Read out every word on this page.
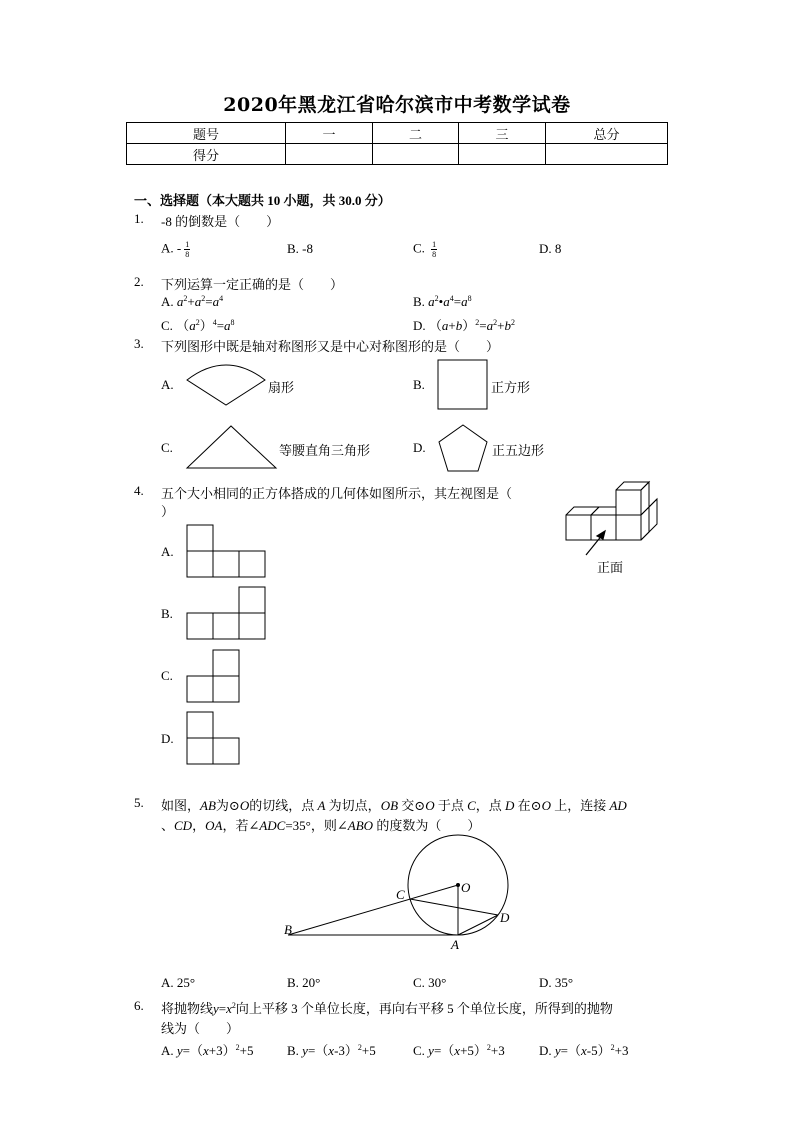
2020年黑龙江省哈尔滨市中考数学试卷
题号	一	二	三	总分
得分				
一、选择题（本大题共 10 小题，共 30.0 分）
1. -8 的倒数是（　　）
A. - $\frac{1}{8}$	B. -8	C. $\frac{1}{8}$	D. 8
2. 下列运算一定正确的是（　　）
A. $a^2+a^2=a^4$	B. $a^2•a^4=a^8$
C. $(a^2)^4=a^8$	D. $(a+b)^2=a^2+b^2$
3. 下列图形中既是轴对称图形又是中心对称图形的是（　　）
A.	扇形	B.	正方形
C.	等腰直角三角形	D.	正五边形
4. 五个大小相同的正方体搭成的几何体如图所示，其左视图是（
）
正面
A.
B.
C.
D.
5. 如图，AB为⊙O的切线，点 A 为切点，OB 交⊙O 于点 C，点 D 在⊙O 上，连接 AD
、CD，OA，若∠ADC=35°，则∠ABO 的度数为（　　）
B
C	O
D
A
A. 25°	B. 20°	C. 30°	D. 35°
6. 将抛物线$y=x^2$向上平移 3 个单位长度，再向右平移 5 个单位长度，所得到的抛物
线为（　　）
A. $y=(x+3)^2+5$	B. $y=(x-3)^2+5$	C. $y=(x+5)^2+3$	D. $y=(x-5)^2+3$
